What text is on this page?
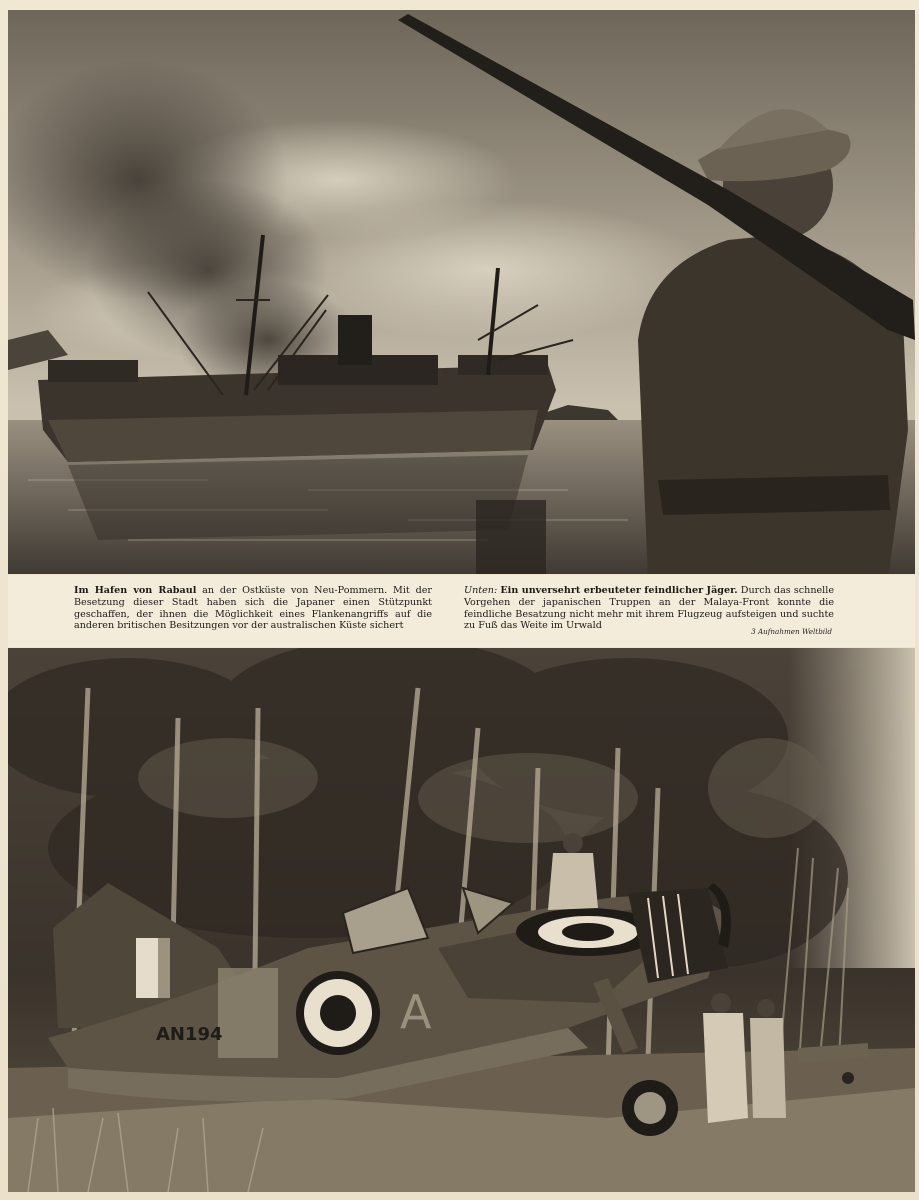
Im Hafen von Rabaul an der Ostküste von Neu-Pommern. Mit der Besetzung dieser Stadt haben sich die Japaner einen Stützpunkt geschaffen, der ihnen die Möglichkeit eines Flankenangriffs auf die anderen britischen Besitzungen vor der australischen Küste sichert
Unten: Ein unversehrt erbeuteter feindlicher Jäger. Durch das schnelle Vorgehen der japanischen Truppen an der Malaya-Front konnte die feindliche Besatzung nicht mehr mit ihrem Flugzeug aufsteigen und suchte zu Fuß das Weite im Urwald
3 Aufnahmen Weltbild
A
AN194
